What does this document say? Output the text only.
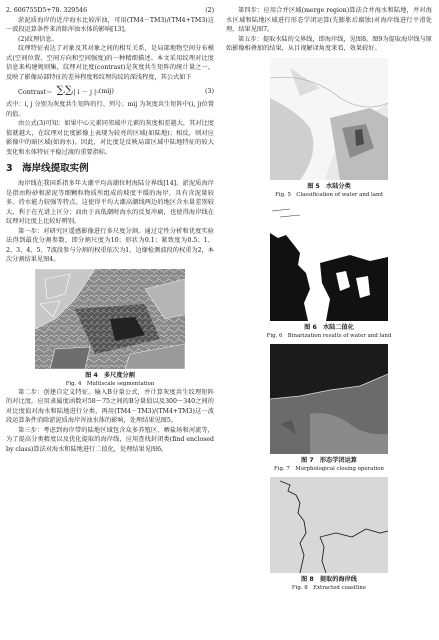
2. 606755D5+78. 329546	(2)

淤泥质海岸的近岸海水比较浑浊，可用(TM4－TM3)/(TM4+TM3)这一波段运算条件来消除浑浊水体的影响[13]。

(2)纹理信息。

纹理特征表达了对象及其对象之间的相互关系，是局部地物空间分布模式(空间位置、空间方向和空间强度)的一种精细描述。本文采用纹理对比度信息来构建规则集，纹理对比度(contrast)是灰度共生矩阵的统计量之一，反映了影像局部特征的差异程度和纹理沟纹的深浅程度，其公式如下

Contrast＝ ∑ i ∑ j | i － j | 2 (mij)	(3)

式中：i, j 分别为灰度共生矩阵的行、列号；mij 为灰度共生矩阵中(i, j)位置的值。

由公式(3)可知：如果中心元素同邻域中元素的灰度相差越大，其对比度值就越大，在纹理对比度影像上表现为较亮的区域(如陆地)；相反，则对应影像中的暗区域(如海水)。因此，对比度是反映局部区域中陆地特征的较大变化和水体特征平稳过渡的重要指标。

3  海岸线提取实例

海岸线在我国系指多年大潮平均高潮位时海陆分界线[14]。淤泥质海岸是指由粉砂和淤泥等细颗粒物质所组成的坡度平缓的海岸，具有含泥量较多、持水能力较强等特点。这使得平均大潮高潮线两边的地区含水量差别较大，利于在光谱上区分；而由于高低潮时海水的反复冲刷，也使得海岸线在纹理对比度上比较好辨别。

第一步：对研究区遥感影像进行多尺度分割。通过定性分析和优度实验法得到最优分割参数，即分割尺度为10；形状为0.1；紧致度为0.5；1、2、3、4、5、7波段参与分割的权重依次为1，边缘检测波段的权重为2，本次分割结果见图4。

图 4　多尺度分割
Fig. 4　Multiscale segmentation

第二步：创建自定义特征。输入B分量公式，并计算灰度共生纹理矩阵的对比度。应用隶属度函数对58～75之间的B分量值以及300～340之间的对比度值对海水和陆地进行分类，再用(TM4－TM3)/(TM4+TM3)这一波段运算条件消除淤泥质海岸浑浊水体的影响，处理结果见图5。

第三步：考虑到海岸带的陆地区域包含众多养殖区、晒盐场和河流等，为了提高分类精度以及优化提取的海岸线，应用查找封闭类(find enclosed by class)算法对海水和陆地进行二值化，处理结果见图6。

第四步：应用合并区域(merge region)算法合并海水和陆地，并对海水区域和陆地区域进行形态学闭运算(先膨胀后腐蚀)对海岸线进行平滑处理，结果见图7。

第五步：提取水陆的交界线，即海岸线，见图8。图9为提取海岸线与原始影像相叠加的结果，从目视解译角度来看，效果较好。

图 5　水陆分类
Fig. 5　Classification of water and land
图 6　水陆二值化
Fig. 6　Binarization results of water and land
图 7　形态学闭运算
Fig. 7　Morphological closing operation
图 8　提取的海岸线
Fig. 8　Extracted coastline
